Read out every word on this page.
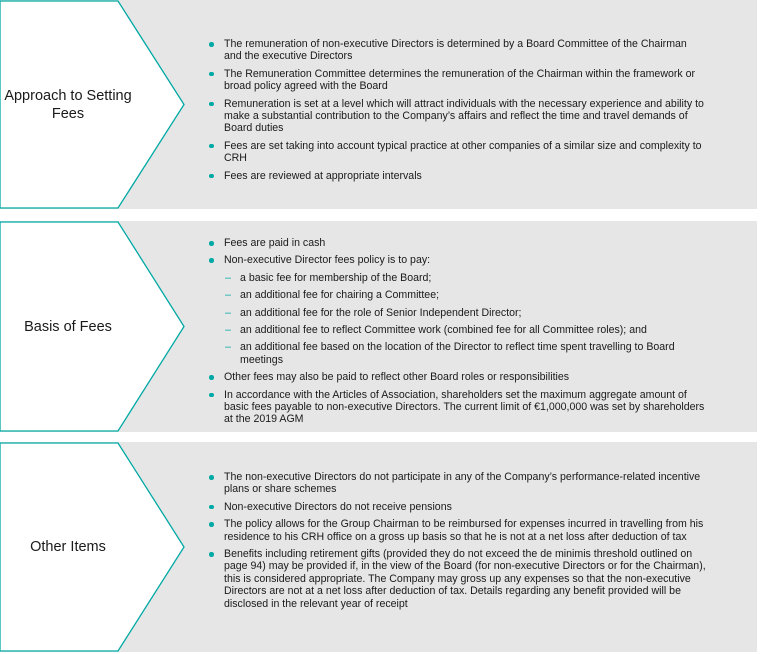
Approach to Setting Fees
The remuneration of non-executive Directors is determined by a Board Committee of the Chairman and the executive Directors
The Remuneration Committee determines the remuneration of the Chairman within the framework or broad policy agreed with the Board
Remuneration is set at a level which will attract individuals with the necessary experience and ability to make a substantial contribution to the Company’s affairs and reflect the time and travel demands of Board duties
Fees are set taking into account typical practice at other companies of a similar size and complexity to CRH
Fees are reviewed at appropriate intervals
Basis of Fees
Fees are paid in cash
Non-executive Director fees policy is to pay:
– a basic fee for membership of the Board;
– an additional fee for chairing a Committee;
– an additional fee for the role of Senior Independent Director;
– an additional fee to reflect Committee work (combined fee for all Committee roles); and
– an additional fee based on the location of the Director to reflect time spent travelling to Board meetings
Other fees may also be paid to reflect other Board roles or responsibilities
In accordance with the Articles of Association, shareholders set the maximum aggregate amount of basic fees payable to non-executive Directors. The current limit of €1,000,000 was set by shareholders at the 2019 AGM
Other Items
The non-executive Directors do not participate in any of the Company’s performance-related incentive plans or share schemes
Non-executive Directors do not receive pensions
The policy allows for the Group Chairman to be reimbursed for expenses incurred in travelling from his residence to his CRH office on a gross up basis so that he is not at a net loss after deduction of tax
Benefits including retirement gifts (provided they do not exceed the de minimis threshold outlined on page 94) may be provided if, in the view of the Board (for non-executive Directors or for the Chairman), this is considered appropriate. The Company may gross up any expenses so that the non-executive Directors are not at a net loss after deduction of tax. Details regarding any benefit provided will be disclosed in the relevant year of receipt
